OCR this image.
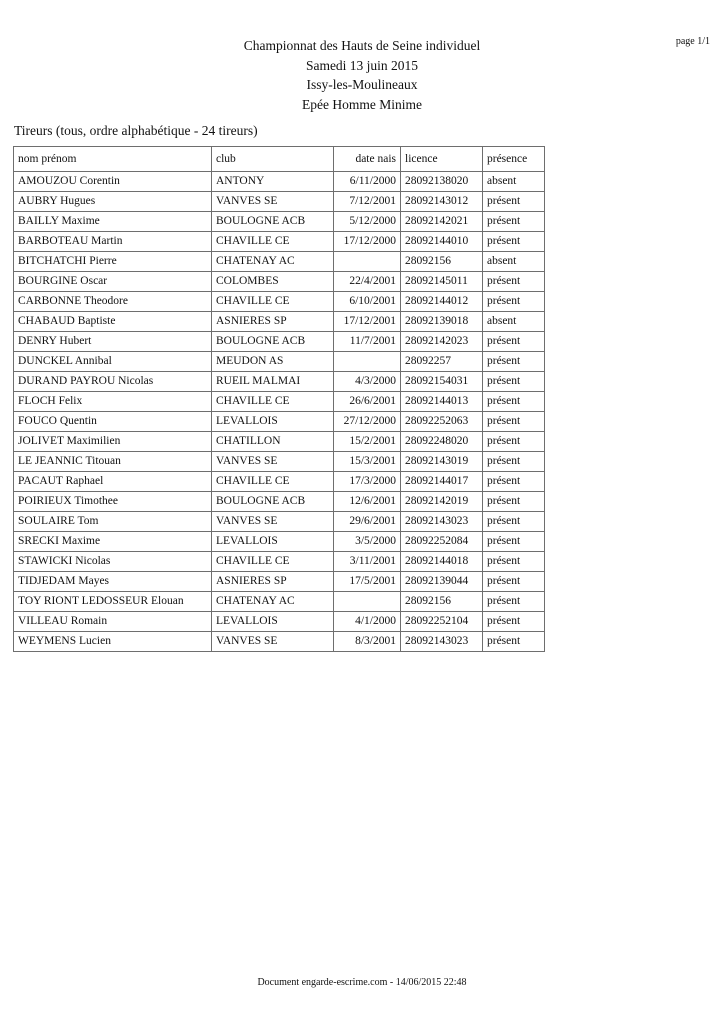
page 1/1
Championnat des Hauts de Seine individuel
Samedi 13 juin 2015
Issy-les-Moulineaux
Epée Homme Minime
Tireurs (tous, ordre alphabétique - 24 tireurs)
nom prénom	club	date nais	licence	présence
AMOUZOU Corentin	ANTONY	6/11/2000	28092138020	absent
AUBRY Hugues	VANVES SE	7/12/2001	28092143012	présent
BAILLY Maxime	BOULOGNE ACB	5/12/2000	28092142021	présent
BARBOTEAU Martin	CHAVILLE CE	17/12/2000	28092144010	présent
BITCHATCHI Pierre	CHATENAY AC		28092156	absent
BOURGINE Oscar	COLOMBES	22/4/2001	28092145011	présent
CARBONNE Theodore	CHAVILLE CE	6/10/2001	28092144012	présent
CHABAUD Baptiste	ASNIERES SP	17/12/2001	28092139018	absent
DENRY Hubert	BOULOGNE ACB	11/7/2001	28092142023	présent
DUNCKEL Annibal	MEUDON AS		28092257	présent
DURAND PAYROU Nicolas	RUEIL MALMAI	4/3/2000	28092154031	présent
FLOCH Felix	CHAVILLE CE	26/6/2001	28092144013	présent
FOUCO Quentin	LEVALLOIS	27/12/2000	28092252063	présent
JOLIVET Maximilien	CHATILLON	15/2/2001	28092248020	présent
LE JEANNIC Titouan	VANVES SE	15/3/2001	28092143019	présent
PACAUT Raphael	CHAVILLE CE	17/3/2000	28092144017	présent
POIRIEUX Timothee	BOULOGNE ACB	12/6/2001	28092142019	présent
SOULAIRE Tom	VANVES SE	29/6/2001	28092143023	présent
SRECKI Maxime	LEVALLOIS	3/5/2000	28092252084	présent
STAWICKI Nicolas	CHAVILLE CE	3/11/2001	28092144018	présent
TIDJEDAM Mayes	ASNIERES SP	17/5/2001	28092139044	présent
TOY RIONT LEDOSSEUR Elouan	CHATENAY AC		28092156	présent
VILLEAU Romain	LEVALLOIS	4/1/2000	28092252104	présent
WEYMENS Lucien	VANVES SE	8/3/2001	28092143023	présent
Document engarde-escrime.com - 14/06/2015 22:48
